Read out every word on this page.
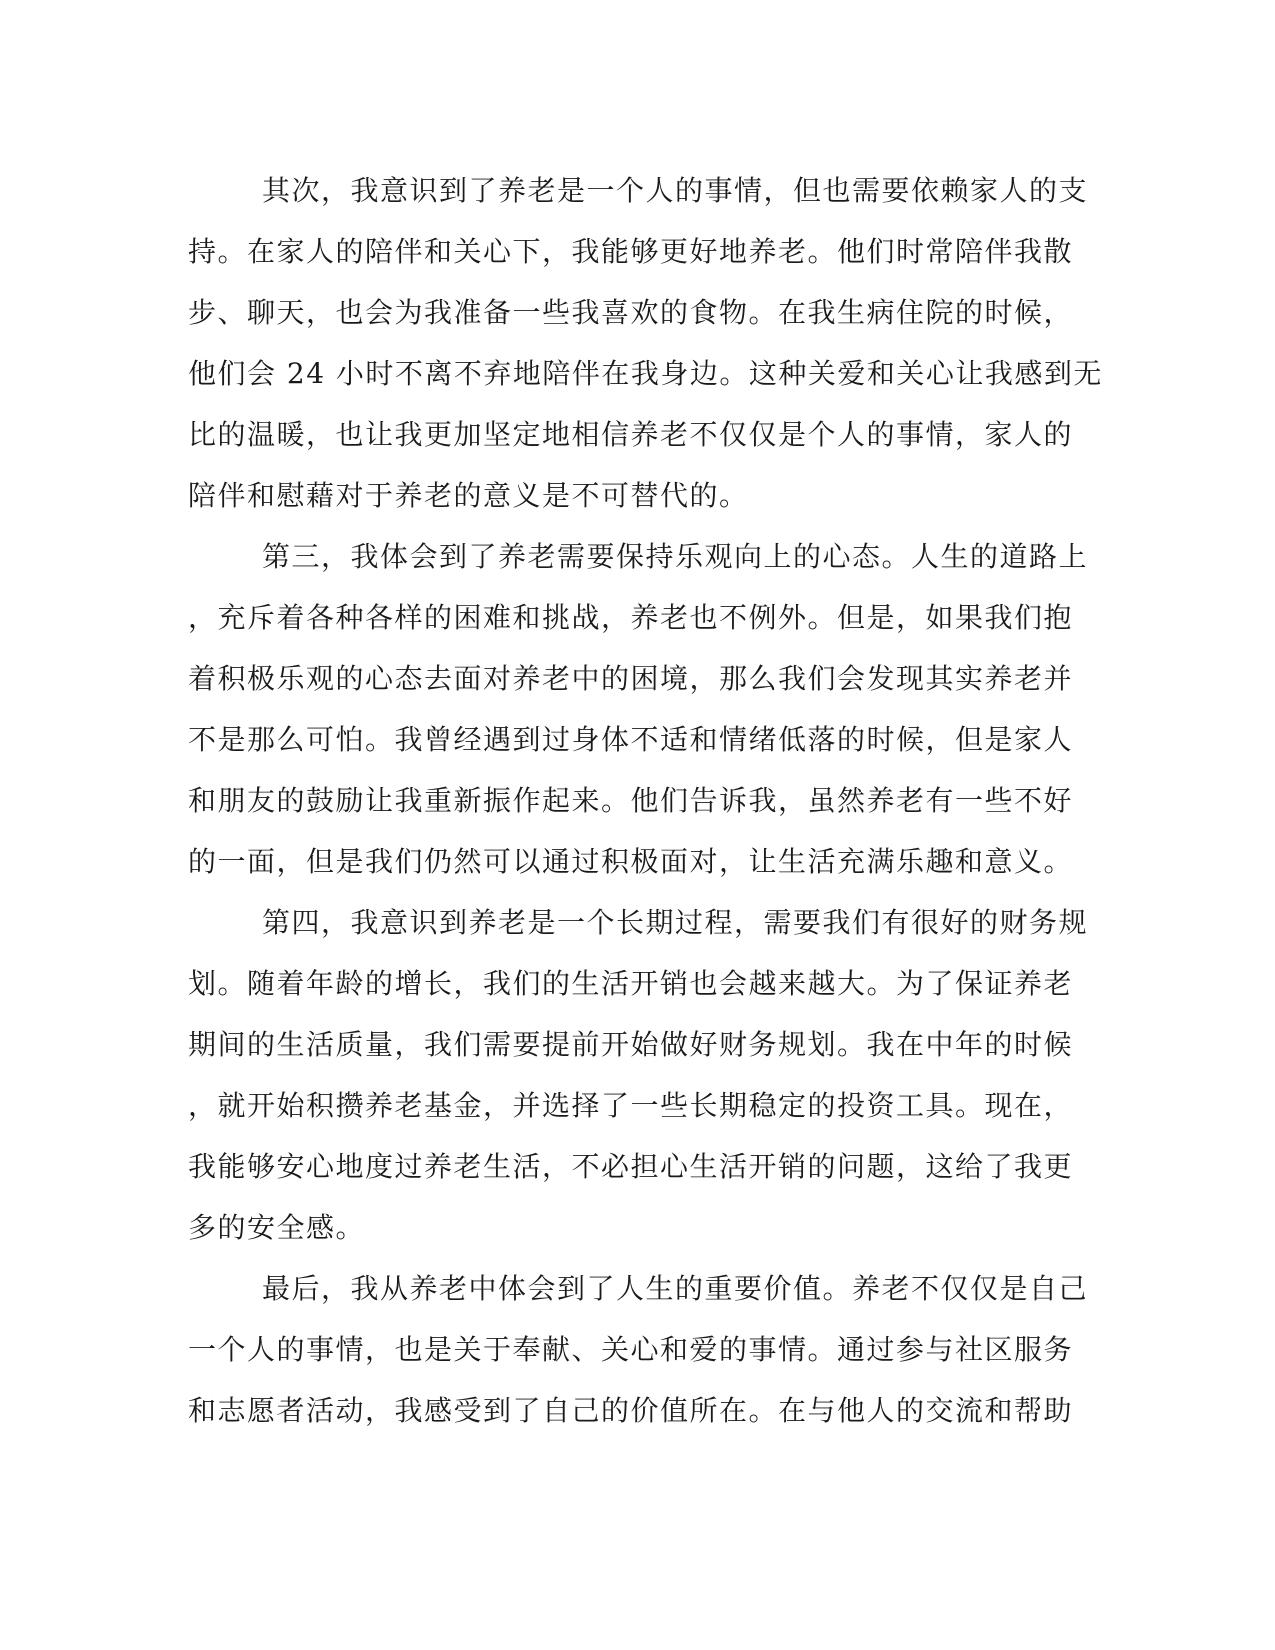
其次，我意识到了养老是一个人的事情，但也需要依赖家人的支
持。在家人的陪伴和关心下，我能够更好地养老。他们时常陪伴我散
步、聊天，也会为我准备一些我喜欢的食物。在我生病住院的时候，
他们会 24 小时不离不弃地陪伴在我身边。这种关爱和关心让我感到无
比的温暖，也让我更加坚定地相信养老不仅仅是个人的事情，家人的
陪伴和慰藉对于养老的意义是不可替代的。
第三，我体会到了养老需要保持乐观向上的心态。人生的道路上
，充斥着各种各样的困难和挑战，养老也不例外。但是，如果我们抱
着积极乐观的心态去面对养老中的困境，那么我们会发现其实养老并
不是那么可怕。我曾经遇到过身体不适和情绪低落的时候，但是家人
和朋友的鼓励让我重新振作起来。他们告诉我，虽然养老有一些不好
的一面，但是我们仍然可以通过积极面对，让生活充满乐趣和意义。
第四，我意识到养老是一个长期过程，需要我们有很好的财务规
划。随着年龄的增长，我们的生活开销也会越来越大。为了保证养老
期间的生活质量，我们需要提前开始做好财务规划。我在中年的时候
，就开始积攒养老基金，并选择了一些长期稳定的投资工具。现在，
我能够安心地度过养老生活，不必担心生活开销的问题，这给了我更
多的安全感。
最后，我从养老中体会到了人生的重要价值。养老不仅仅是自己
一个人的事情，也是关于奉献、关心和爱的事情。通过参与社区服务
和志愿者活动，我感受到了自己的价值所在。在与他人的交流和帮助
